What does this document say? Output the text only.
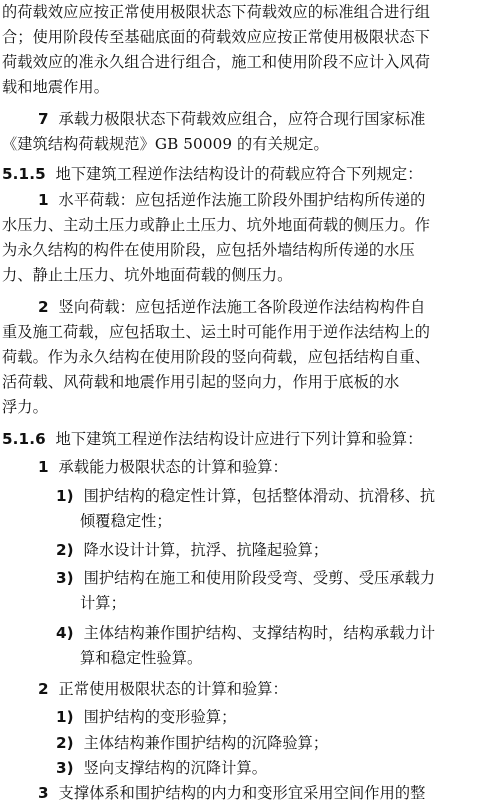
的荷载效应应按正常使用极限状态下荷载效应的标准组合进行组
合；使用阶段传至基础底面的荷载效应应按正常使用极限状态下
荷载效应的准永久组合进行组合，施工和使用阶段不应计入风荷
载和地震作用。
7 承载力极限状态下荷载效应组合，应符合现行国家标准
《建筑结构荷载规范》GB 50009 的有关规定。
5.1.5 地下建筑工程逆作法结构设计的荷载应符合下列规定：
1 水平荷载：应包括逆作法施工阶段外围护结构所传递的
水压力、主动土压力或静止土压力、坑外地面荷载的侧压力。作
为永久结构的构件在使用阶段，应包括外墙结构所传递的水压
力、静止土压力、坑外地面荷载的侧压力。
2 竖向荷载：应包括逆作法施工各阶段逆作法结构构件自
重及施工荷载，应包括取土、运土时可能作用于逆作法结构上的
荷载。作为永久结构在使用阶段的竖向荷载，应包括结构自重、
活荷载、风荷载和地震作用引起的竖向力，作用于底板的水
浮力。
5.1.6 地下建筑工程逆作法结构设计应进行下列计算和验算：
1 承载能力极限状态的计算和验算：
1) 围护结构的稳定性计算，包括整体滑动、抗滑移、抗
倾覆稳定性；
2) 降水设计计算，抗浮、抗隆起验算；
3) 围护结构在施工和使用阶段受弯、受剪、受压承载力
计算；
4) 主体结构兼作围护结构、支撑结构时，结构承载力计
算和稳定性验算。
2 正常使用极限状态的计算和验算：
1) 围护结构的变形验算；
2) 主体结构兼作围护结构的沉降验算；
3) 竖向支撑结构的沉降计算。
3 支撑体系和围护结构的内力和变形宜采用空间作用的整
